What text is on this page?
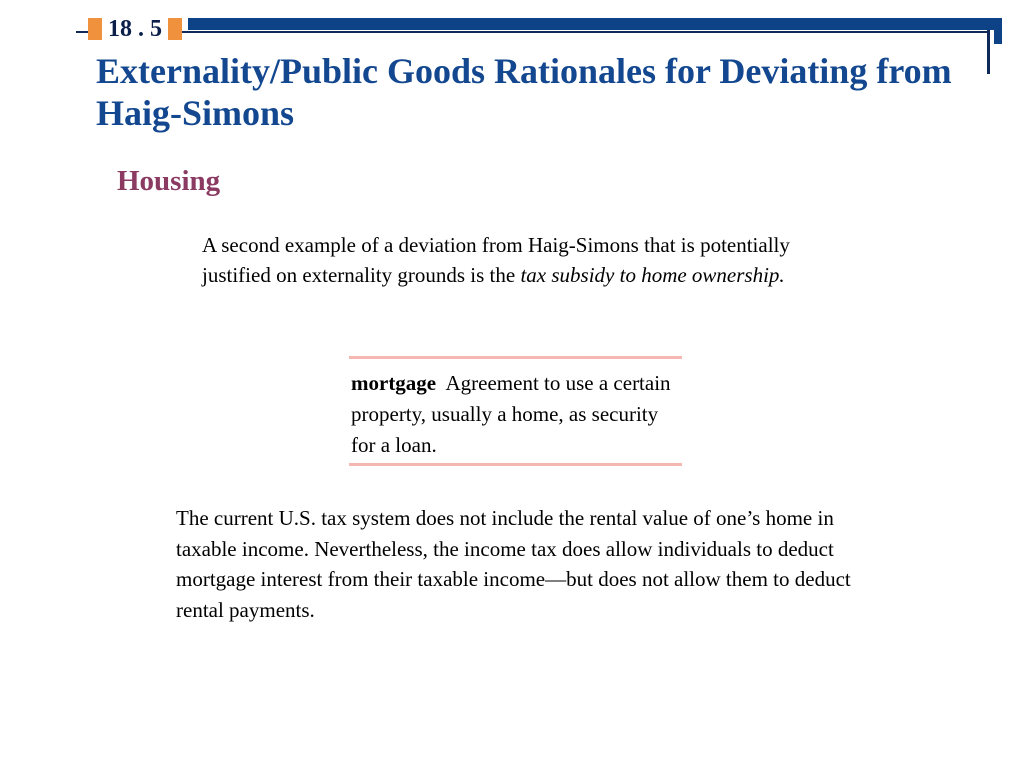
18 . 5
Externality/Public Goods Rationales for Deviating from Haig-Simons
Housing

A second example of a deviation from Haig-Simons that is potentially justified on externality grounds is the tax subsidy to home ownership.

mortgage Agreement to use a certain property, usually a home, as security for a loan.

The current U.S. tax system does not include the rental value of one’s home in taxable income. Nevertheless, the income tax does allow individuals to deduct mortgage interest from their taxable income—but does not allow them to deduct rental payments.
